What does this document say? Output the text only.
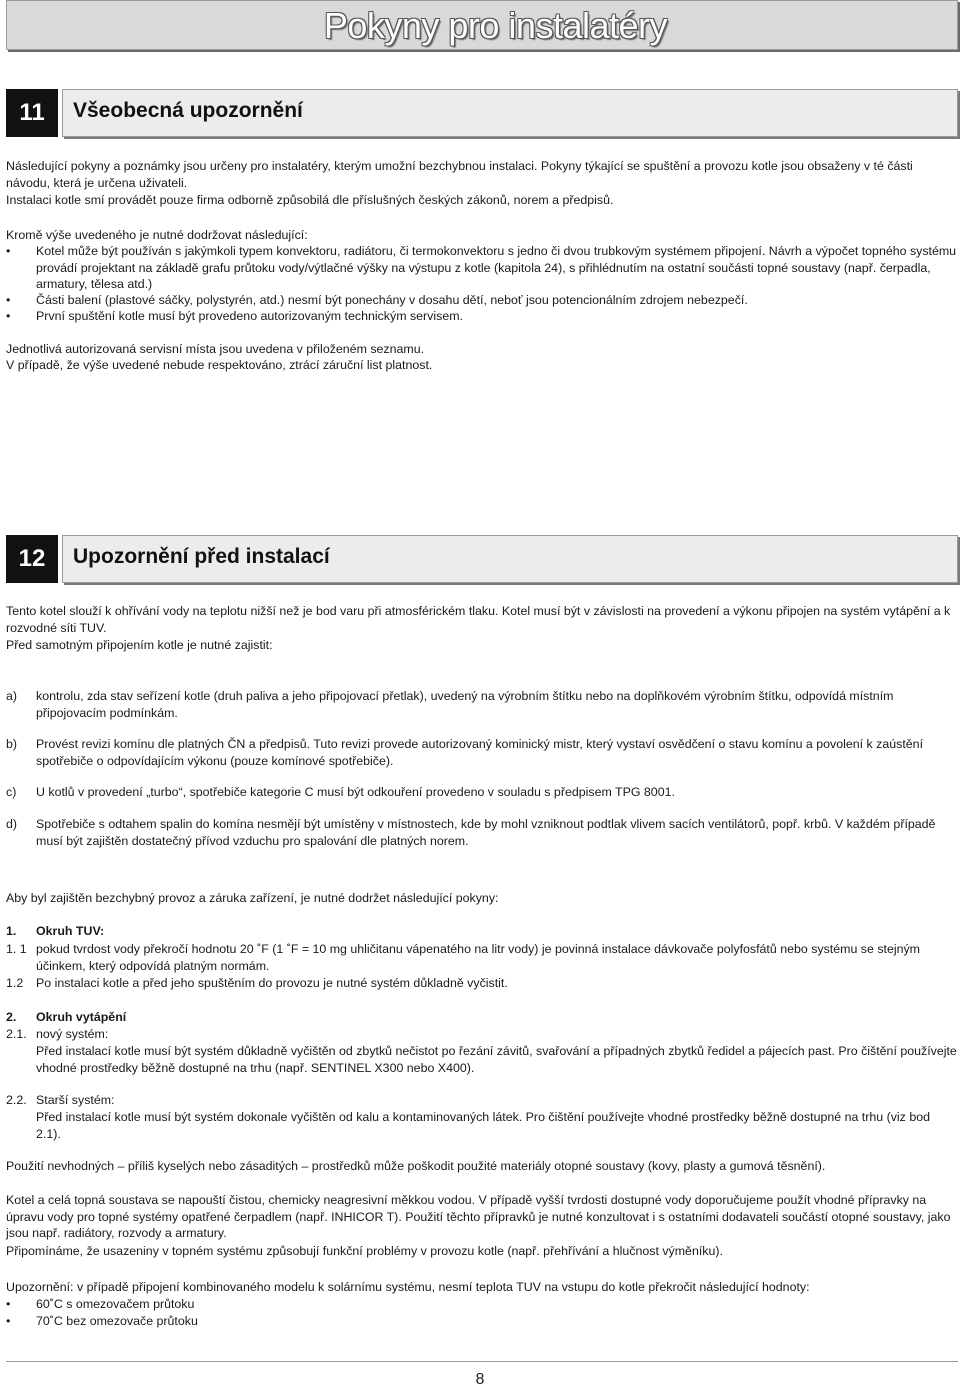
Pokyny pro instalatéry
11	Všeobecná upozornění

Následující pokyny a poznámky jsou určeny pro instalatéry, kterým umožní bezchybnou instalaci. Pokyny týkající se spuštění a provozu kotle jsou obsaženy v té části návodu, která je určena uživateli.

Instalaci kotle smí provádět pouze firma odborně způsobilá dle příslušných českých zákonů, norem a předpisů.

Kromě výše uvedeného je nutné dodržovat následující:

• Kotel může být používán s jakýmkoli typem konvektoru, radiátoru, či termokonvektoru s jedno či dvou trubkovým systémem připojení. Návrh a výpočet topného systému provádí projektant na základě grafu průtoku vody/výtlačné výšky na výstupu z kotle (kapitola 24), s přihlédnutím na ostatní součásti topné soustavy (např. čerpadla, armatury, tělesa atd.)
• Části balení (plastové sáčky, polystyrén, atd.) nesmí být ponechány v dosahu dětí, neboť jsou potencionálním zdrojem nebezpečí.
• První spuštění kotle musí být provedeno autorizovaným technickým servisem.

Jednotlivá autorizovaná servisní místa jsou uvedena v přiloženém seznamu.

V případě, že výše uvedené nebude respektováno, ztrácí záruční list platnost.

12	Upozornění před instalací

Tento kotel slouží k ohřívání vody na teplotu nižší než je bod varu při atmosférickém tlaku. Kotel musí být v závislosti na provedení a výkonu připojen na systém vytápění a k rozvodné síti TUV.

Před samotným připojením kotle je nutné zajistit:

a) kontrolu, zda stav seřízení kotle (druh paliva a jeho připojovací přetlak), uvedený na výrobním štítku nebo na doplňkovém výrobním štítku, odpovídá místním připojovacím podmínkám.
b) Provést revizi komínu dle platných ČN a předpisů. Tuto revizi provede autorizovaný kominický mistr, který vystaví osvědčení o stavu komínu a povolení k zaústění spotřebiče o odpovídajícím výkonu (pouze komínové spotřebiče).
c) U kotlů v provedení „turbo“, spotřebiče kategorie C musí být odkouření provedeno v souladu s předpisem TPG 8001.
d) Spotřebiče s odtahem spalin do komína nesmějí být umístěny v místnostech, kde by mohl vzniknout podtlak vlivem sacích ventilátorů, popř. krbů. V každém případě musí být zajištěn dostatečný přívod vzduchu pro spalování dle platných norem.

Aby byl zajištěn bezchybný provoz a záruka zařízení, je nutné dodržet následující pokyny:

1. Okruh TUV:
1. 1 pokud tvrdost vody překročí hodnotu 20 ˚F (1 ˚F = 10 mg uhličitanu vápenatého na litr vody) je povinná instalace dávkovače polyfosfátů nebo systému se stejným účinkem, který odpovídá platným normám.
1.2 Po instalaci kotle a před jeho spuštěním do provozu je nutné systém důkladně vyčistit.
2. Okruh vytápění
2.1. nový systém:
Před instalací kotle musí být systém důkladně vyčištěn od zbytků nečistot po řezání závitů, svařování a případných zbytků ředidel a pájecích past. Pro čištění používejte vhodné prostředky běžně dostupné na trhu (např. SENTINEL X300 nebo X400).
2.2. Starší systém:
Před instalací kotle musí být systém dokonale vyčištěn od kalu a kontaminovaných látek. Pro čištění používejte vhodné prostředky běžně dostupné na trhu (viz bod 2.1).

Použití nevhodných – příliš kyselých nebo zásaditých – prostředků může poškodit použité materiály otopné soustavy (kovy, plasty a gumová těsnění).

Kotel a celá topná soustava se napouští čistou, chemicky neagresivní měkkou vodou. V případě vyšší tvrdosti dostupné vody doporučujeme použít vhodné přípravky na úpravu vody pro topné systémy opatřené čerpadlem (např. INHICOR T). Použití těchto přípravků je nutné konzultovat i s ostatními dodavateli součástí otopné soustavy, jako jsou např. radiátory, rozvody a armatury.

Připomínáme, že usazeniny v topném systému způsobují funkční problémy v provozu kotle (např. přehřívání a hlučnost výměníku).

Upozornění: v případě připojení kombinovaného modelu k solárnímu systému, nesmí teplota TUV na vstupu do kotle překročit následující hodnoty:

• 60˚C s omezovačem průtoku
• 70˚C bez omezovače průtoku
8
